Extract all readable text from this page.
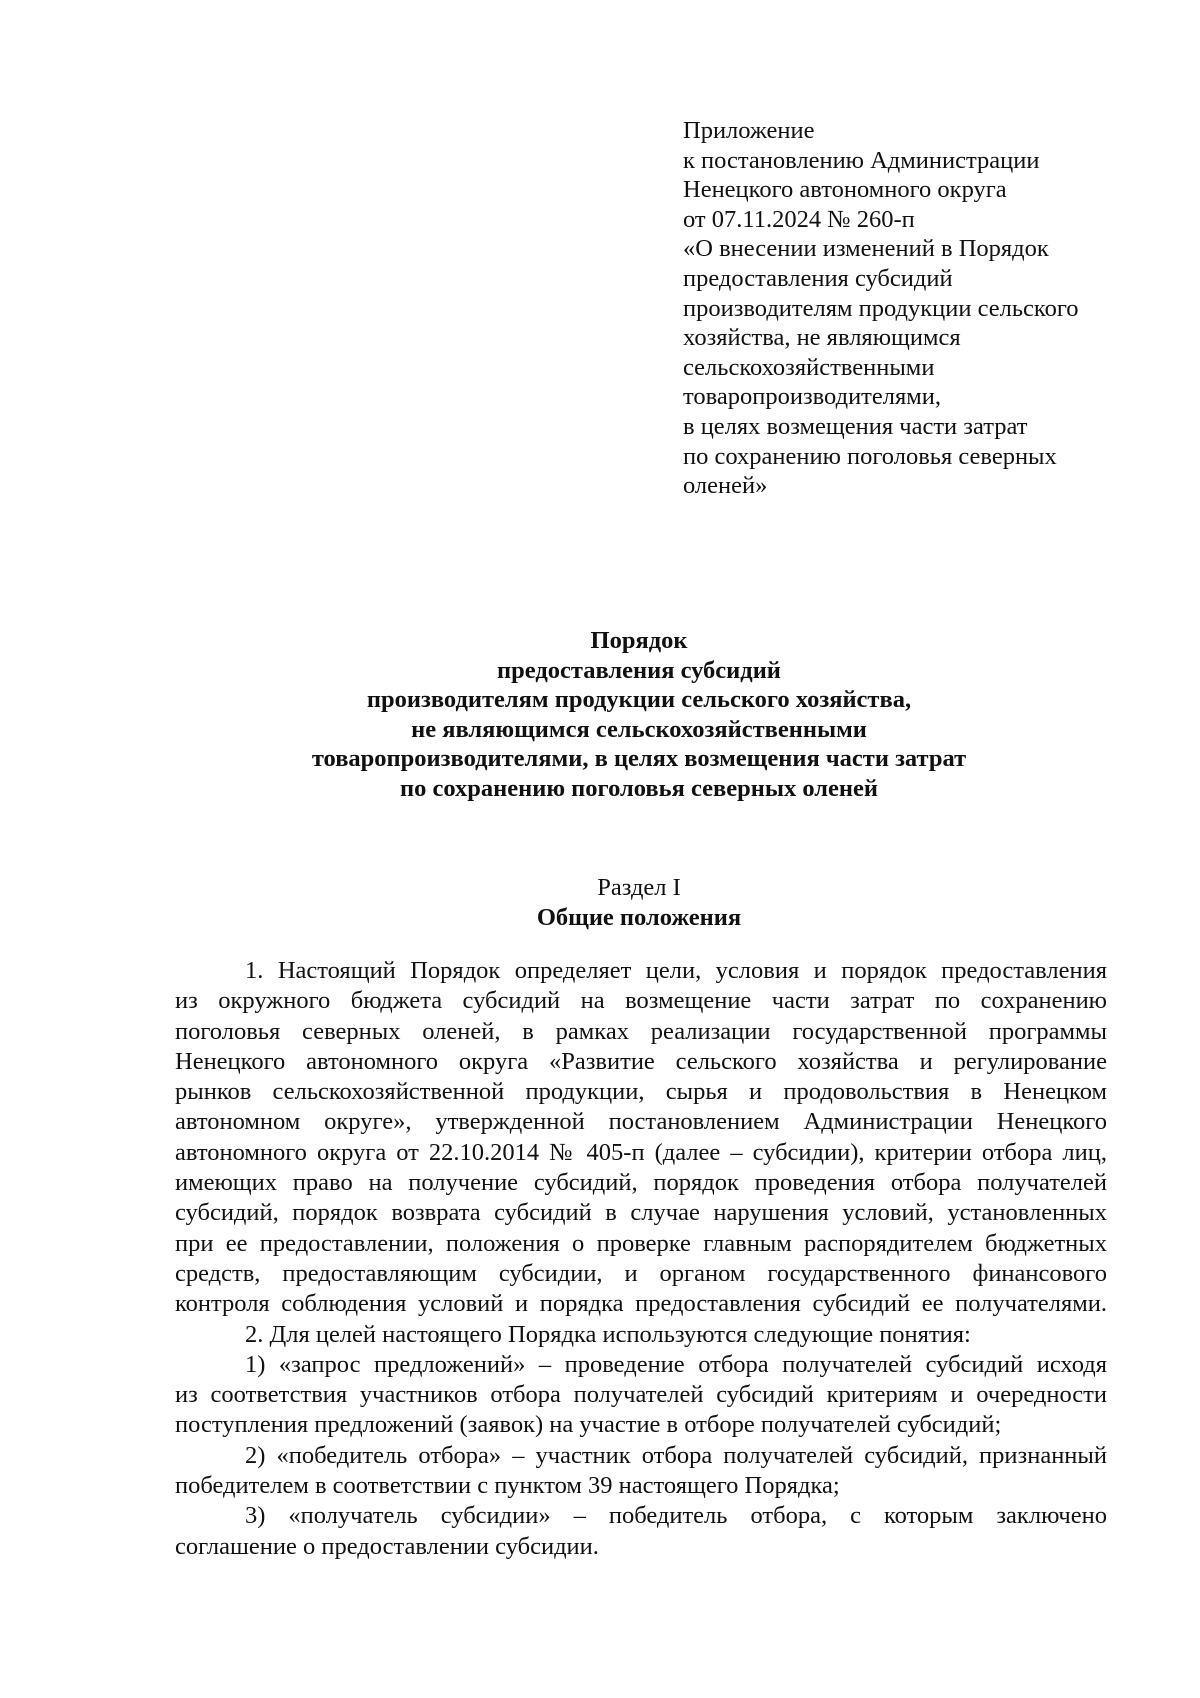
Приложение
к постановлению Администрации
Ненецкого автономного округа
от 07.11.2024 № 260-п
«О внесении изменений в Порядок
предоставления субсидий
производителям продукции сельского
хозяйства, не являющимся
сельскохозяйственными
товаропроизводителями,
в целях возмещения части затрат
по сохранению поголовья северных
оленей»
Порядок
предоставления субсидий
производителям продукции сельского хозяйства,
не являющимся сельскохозяйственными
товаропроизводителями, в целях возмещения части затрат
по сохранению поголовья северных оленей
Раздел I
Общие положения
1. Настоящий Порядок определяет цели, условия и порядок предоставления
из окружного бюджета субсидий на возмещение части затрат по сохранению
поголовья северных оленей, в рамках реализации государственной программы
Ненецкого автономного округа «Развитие сельского хозяйства и регулирование
рынков сельскохозяйственной продукции, сырья и продовольствия в Ненецком
автономном округе», утвержденной постановлением Администрации Ненецкого
автономного округа от 22.10.2014 № 405-п (далее – субсидии), критерии отбора лиц,
имеющих право на получение субсидий, порядок проведения отбора получателей
субсидий, порядок возврата субсидий в случае нарушения условий, установленных
при ее предоставлении, положения о проверке главным распорядителем бюджетных
средств, предоставляющим субсидии, и органом государственного финансового
контроля соблюдения условий и порядка предоставления субсидий ее получателями.
2. Для целей настоящего Порядка используются следующие понятия:
1) «запрос предложений» – проведение отбора получателей субсидий исходя
из соответствия участников отбора получателей субсидий критериям и очередности
поступления предложений (заявок) на участие в отборе получателей субсидий;
2) «победитель отбора» – участник отбора получателей субсидий, признанный
победителем в соответствии с пунктом 39 настоящего Порядка;
3) «получатель субсидии» – победитель отбора, с которым заключено
соглашение о предоставлении субсидии.
